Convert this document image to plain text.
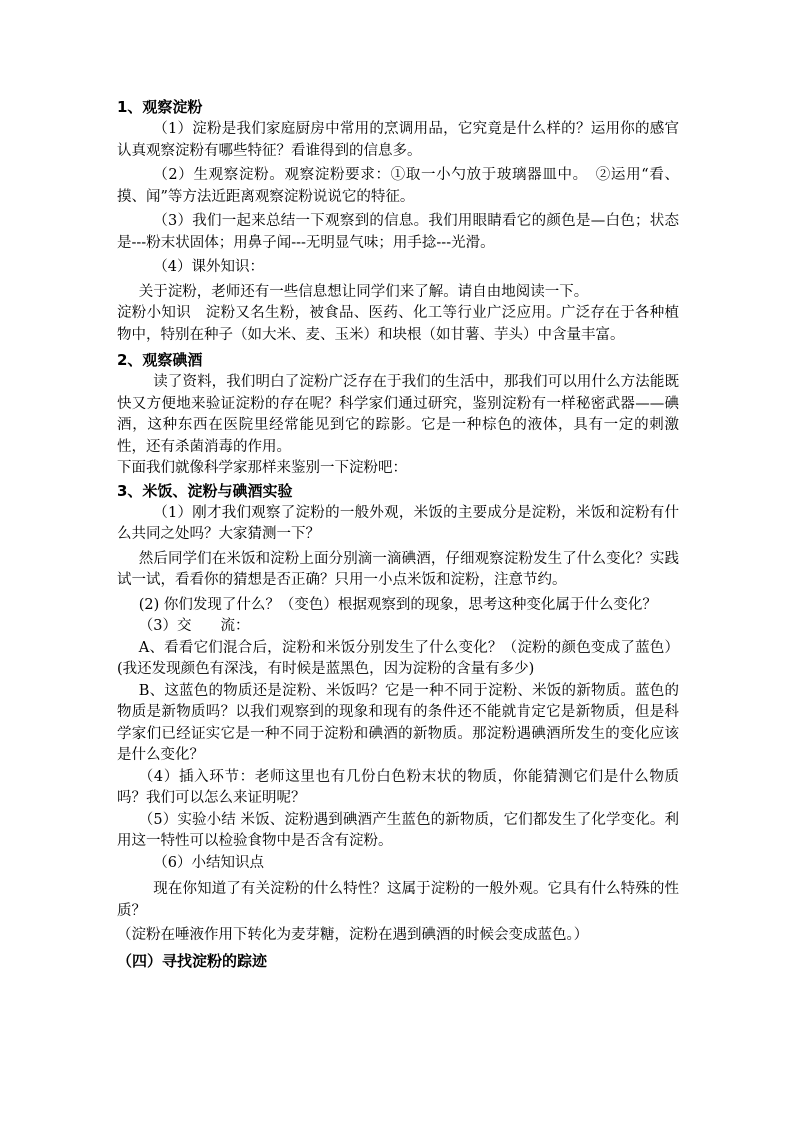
1、观察淀粉

（1）淀粉是我们家庭厨房中常用的烹调用品，它究竟是什么样的？运用你的感官认真观察淀粉有哪些特征？看谁得到的信息多。

（2）生观察淀粉。观察淀粉要求：①取一小勺放于玻璃器皿中。　②运用“看、摸、闻”等方法近距离观察淀粉说说它的特征。

（3）我们一起来总结一下观察到的信息。我们用眼睛看它的颜色是—白色；状态是---粉末状固体；用鼻子闻---无明显气味；用手捻---光滑。

（4）课外知识：

关于淀粉，老师还有一些信息想让同学们来了解。请自由地阅读一下。

淀粉小知识　淀粉又名生粉，被食品、医药、化工等行业广泛应用。广泛存在于各种植物中，特别在种子（如大米、麦、玉米）和块根（如甘薯、芋头）中含量丰富。

2、观察碘酒

读了资料，我们明白了淀粉广泛存在于我们的生活中，那我们可以用什么方法能既快又方便地来验证淀粉的存在呢？科学家们通过研究，鉴别淀粉有一样秘密武器——碘酒，这种东西在医院里经常能见到它的踪影。它是一种棕色的液体，具有一定的刺激性，还有杀菌消毒的作用。

下面我们就像科学家那样来鉴别一下淀粉吧：

3、米饭、淀粉与碘酒实验

（1）刚才我们观察了淀粉的一般外观，米饭的主要成分是淀粉，米饭和淀粉有什么共同之处吗？大家猜测一下？

然后同学们在米饭和淀粉上面分别滴一滴碘酒，仔细观察淀粉发生了什么变化？实践试一试，看看你的猜想是否正确？只用一小点米饭和淀粉，注意节约。

(2) 你们发现了什么？（变色）根据观察到的现象，思考这种变化属于什么变化？

（3）交　　流：

A、看看它们混合后，淀粉和米饭分别发生了什么变化？（淀粉的颜色变成了蓝色）(我还发现颜色有深浅，有时候是蓝黑色，因为淀粉的含量有多少)

B、这蓝色的物质还是淀粉、米饭吗？它是一种不同于淀粉、米饭的新物质。蓝色的物质是新物质吗？以我们观察到的现象和现有的条件还不能就肯定它是新物质，但是科学家们已经证实它是一种不同于淀粉和碘酒的新物质。那淀粉遇碘酒所发生的变化应该是什么变化？

（4）插入环节：老师这里也有几份白色粉末状的物质，你能猜测它们是什么物质吗？我们可以怎么来证明呢？

（5）实验小结 米饭、淀粉遇到碘酒产生蓝色的新物质，它们都发生了化学变化。利用这一特性可以检验食物中是否含有淀粉。

（6）小结知识点

现在你知道了有关淀粉的什么特性？这属于淀粉的一般外观。它具有什么特殊的性质？

（淀粉在唾液作用下转化为麦芽糖，淀粉在遇到碘酒的时候会变成蓝色。）

（四）寻找淀粉的踪迹
